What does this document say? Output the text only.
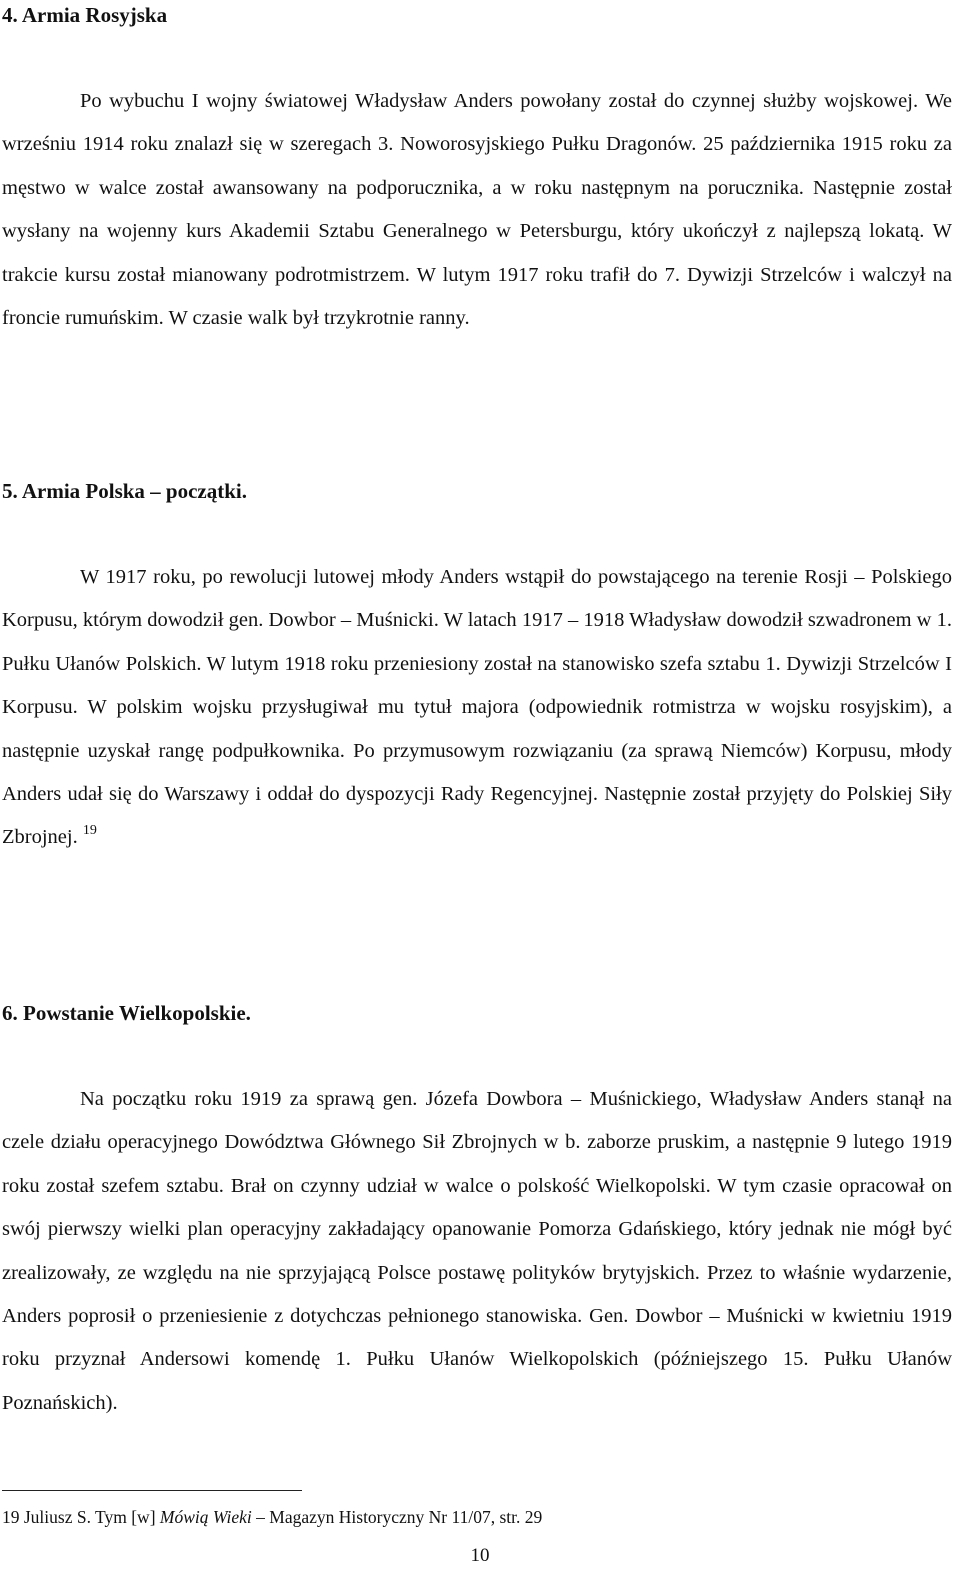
4. Armia Rosyjska

Po wybuchu I wojny światowej Władysław Anders powołany został do czynnej służby wojskowej. We wrześniu 1914 roku znalazł się w szeregach 3. Noworosyjskiego Pułku Dragonów. 25 października 1915 roku za męstwo w walce został awansowany na podporucznika, a w roku następnym na porucznika. Następnie został wysłany na wojenny kurs Akademii Sztabu Generalnego w Petersburgu, który ukończył z najlepszą lokatą. W trakcie kursu został mianowany podrotmistrzem. W lutym 1917 roku trafił do 7. Dywizji Strzelców i walczył na froncie rumuńskim. W czasie walk był trzykrotnie ranny.

5. Armia Polska – początki.

W 1917 roku, po rewolucji lutowej młody Anders wstąpił do powstającego na terenie Rosji – Polskiego Korpusu, którym dowodził gen. Dowbor – Muśnicki. W latach 1917 – 1918 Władysław dowodził szwadronem w 1. Pułku Ułanów Polskich. W lutym 1918 roku przeniesiony został na stanowisko szefa sztabu 1. Dywizji Strzelców I Korpusu. W polskim wojsku przysługiwał mu tytuł majora (odpowiednik rotmistrza w wojsku rosyjskim), a następnie uzyskał rangę podpułkownika. Po przymusowym rozwiązaniu (za sprawą Niemców) Korpusu, młody Anders udał się do Warszawy i oddał do dyspozycji Rady Regencyjnej. Następnie został przyjęty do Polskiej Siły Zbrojnej. $^{19}$

6. Powstanie Wielkopolskie.

Na początku roku 1919 za sprawą gen. Józefa Dowbora – Muśnickiego, Władysław Anders stanął na czele działu operacyjnego Dowództwa Głównego Sił Zbrojnych w b. zaborze pruskim, a następnie 9 lutego 1919 roku został szefem sztabu. Brał on czynny udział w walce o polskość Wielkopolski. W tym czasie opracował on swój pierwszy wielki plan operacyjny zakładający opanowanie Pomorza Gdańskiego, który jednak nie mógł być zrealizowały, ze względu na nie sprzyjającą Polsce postawę polityków brytyjskich. Przez to właśnie wydarzenie, Anders poprosił o przeniesienie z dotychczas pełnionego stanowiska. Gen. Dowbor – Muśnicki w kwietniu 1919 roku przyznał Andersowi komendę 1. Pułku Ułanów Wielkopolskich (późniejszego 15. Pułku Ułanów Poznańskich).

19 Juliusz S. Tym [w] Mówią Wieki – Magazyn Historyczny Nr 11/07, str. 29

10
